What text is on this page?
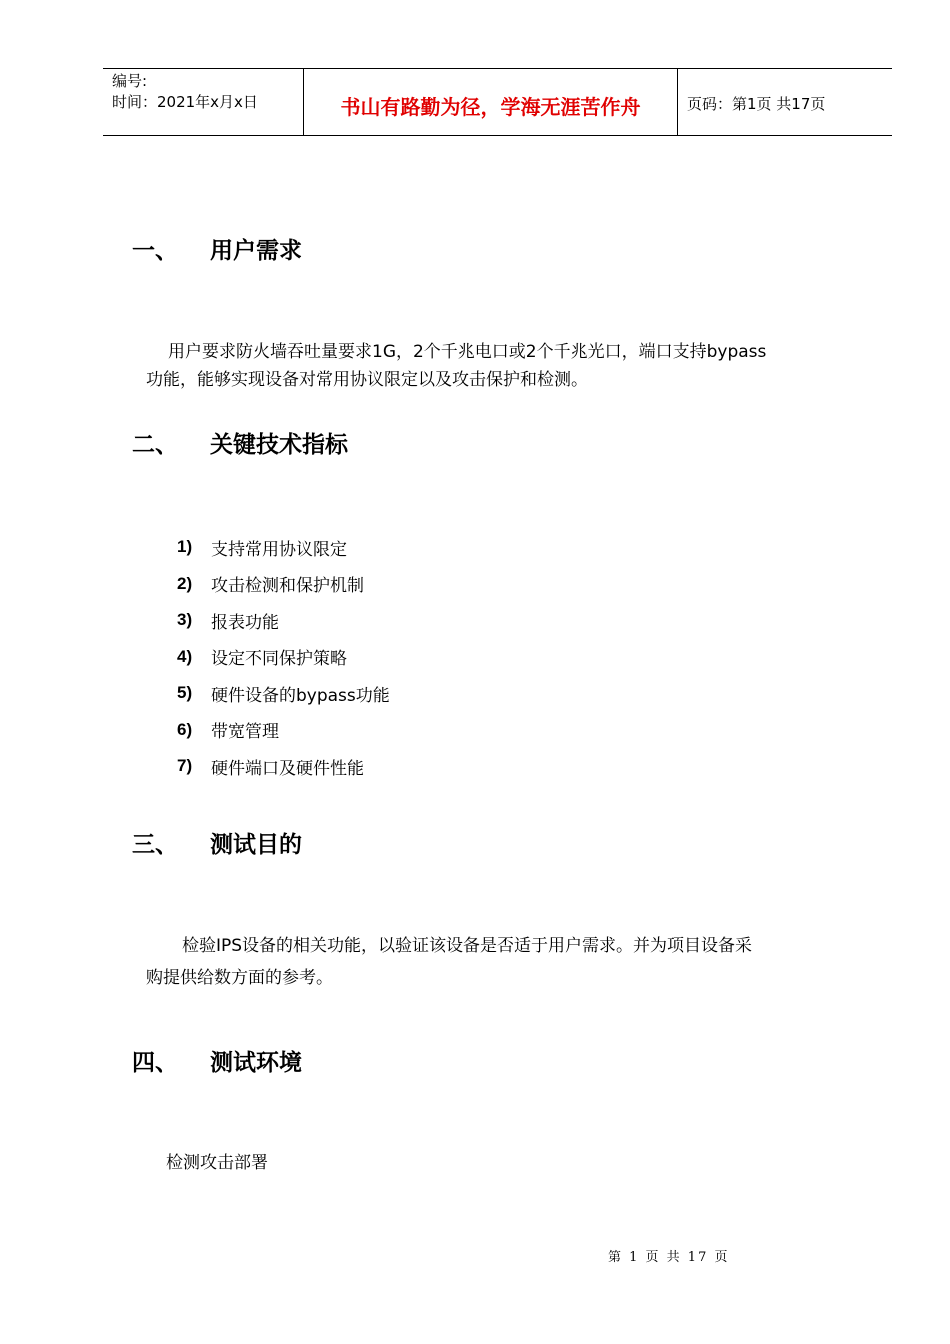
编号:
时间：2021年x月x日	书山有路勤为径，学海无涯苦作舟	页码：第1页 共17页
一、	用户需求
用户要求防火墙吞吐量要求1G，2个千兆电口或2个千兆光口，端口支持bypass
功能，能够实现设备对常用协议限定以及攻击保护和检测。
二、	关键技术指标
1)	支持常用协议限定
2)	攻击检测和保护机制
3)	报表功能
4)	设定不同保护策略
5)	硬件设备的bypass功能
6)	带宽管理
7)	硬件端口及硬件性能
三、	测试目的
检验IPS设备的相关功能，以验证该设备是否适于用户需求。并为项目设备采
购提供给数方面的参考。
四、	测试环境
检测攻击部署
第 1 页 共 17 页
